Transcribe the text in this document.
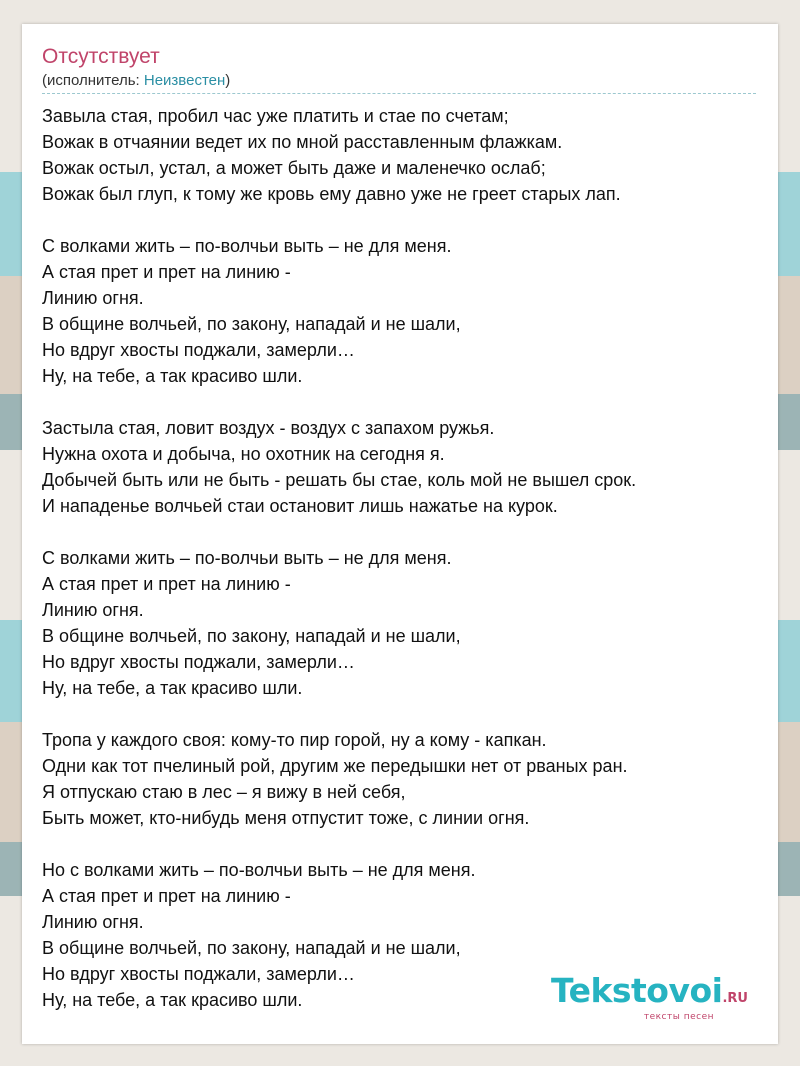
Отсутствует
(исполнитель: Неизвестен)
Завыла стая, пробил час уже платить и стае по счетам;
Вожак в отчаянии ведет их по мной расставленным флажкам.
Вожак остыл, устал, а может быть даже и маленечко ослаб;
Вожак был глуп, к тому же кровь ему давно уже не греет старых лап.

С волками жить – по-волчьи выть – не для меня.
А стая прет и прет на линию -
Линию огня.
В общине волчьей, по закону, нападай и не шали,
Но вдруг хвосты поджали, замерли…
Ну, на тебе, а так красиво шли.

Застыла стая, ловит воздух - воздух с запахом ружья.
Нужна охота и добыча, но охотник на сегодня я.
Добычей быть или не быть - решать бы стае, коль мой не вышел срок.
И нападенье волчьей стаи остановит лишь нажатье на курок.

С волками жить – по-волчьи выть – не для меня.
А стая прет и прет на линию -
Линию огня.
В общине волчьей, по закону, нападай и не шали,
Но вдруг хвосты поджали, замерли…
Ну, на тебе, а так красиво шли.

Тропа у каждого своя: кому-то пир горой, ну а кому - капкан.
Одни как тот пчелиный рой, другим же передышки нет от рваных ран.
Я отпускаю стаю в лес – я вижу в ней себя,
Быть может, кто-нибудь меня отпустит тоже, с линии огня.

Но с волками жить – по-волчьи выть – не для меня.
А стая прет и прет на линию -
Линию огня.
В общине волчьей, по закону, нападай и не шали,
Но вдруг хвосты поджали, замерли…
Ну, на тебе, а так красиво шли.	Tekstovoi.RU
тексты песен
